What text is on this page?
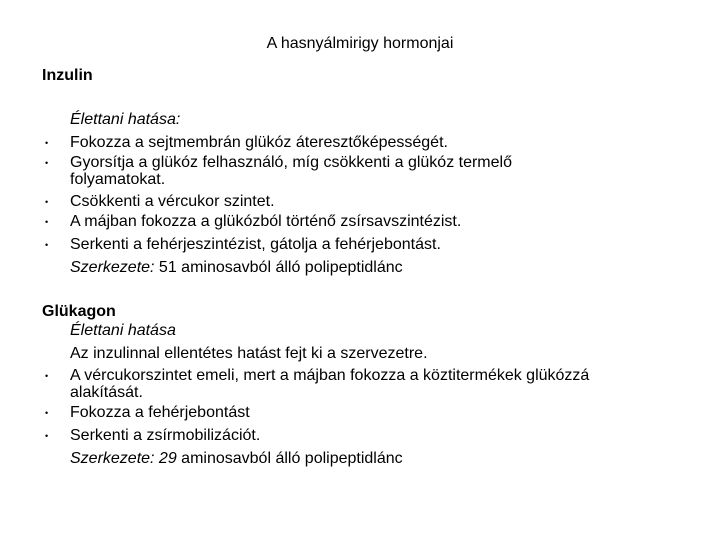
A hasnyálmirigy hormonjai
Inzulin
Élettani hatása:
• Fokozza a sejtmembrán glükóz áteresztőképességét.
• Gyorsítja a glükóz felhasználó, míg csökkenti a glükóz termelő
folyamatokat.
• Csökkenti a vércukor szintet.
• A májban fokozza a glükózból történő zsírsavszintézist.
• Serkenti a fehérjeszintézist, gátolja a fehérjebontást.
Szerkezete: 51 aminosavból álló polipeptidlánc
Glükagon
Élettani hatása
Az inzulinnal ellentétes hatást fejt ki a szervezetre.
• A vércukorszintet emeli, mert a májban fokozza a köztitermékek glükózzá
alakítását.
• Fokozza a fehérjebontást
• Serkenti a zsírmobilizációt.
Szerkezete: 29 aminosavból álló polipeptidlánc
